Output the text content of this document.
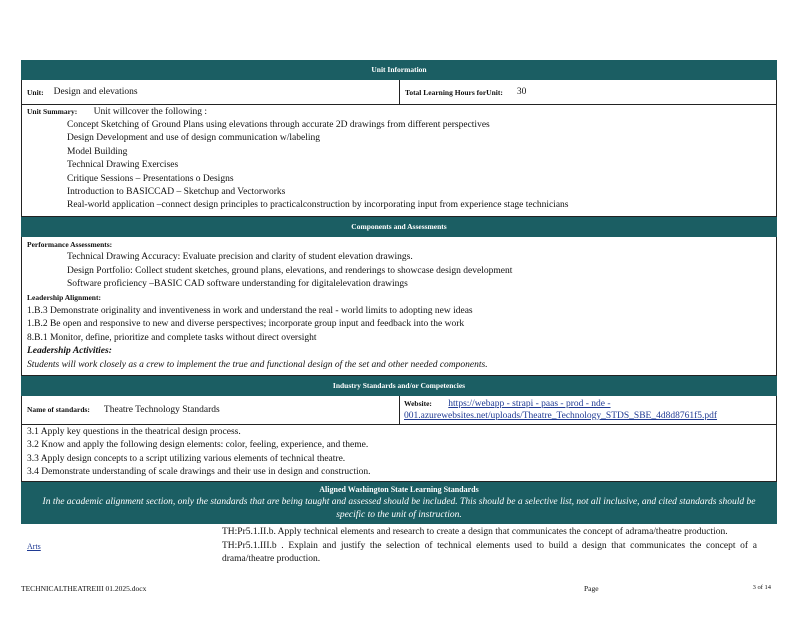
Unit Information
Unit: Design and elevations	Total Learning Hours forUnit: 30
Unit Summary: Unit willcover the following :
Concept Sketching of Ground Plans using elevations through accurate 2D drawings from different perspectives
Design Development and use of design communication w/labeling
Model Building
Technical Drawing Exercises
Critique Sessions – Presentations o Designs
Introduction to BASICCAD – Sketchup and Vectorworks
Real-world application –connect design principles to practicalconstruction by incorporating input from experience stage technicians
Components and Assessments
Performance Assessments:
Technical Drawing Accuracy: Evaluate precision and clarity of student elevation drawings.
Design Portfolio: Collect student sketches, ground plans, elevations, and renderings to showcase design development
Software proficiency –BASIC CAD software understanding for digitalelevation drawings
Leadership Alignment:
1.B.3 Demonstrate originality and inventiveness in work and understand the real - world limits to adopting new ideas
1.B.2 Be open and responsive to new and diverse perspectives; incorporate group input and feedback into the work
8.B.1 Monitor, define, prioritize and complete tasks without direct oversight
Leadership Activities:
Students will work closely as a crew to implement the true and functional design of the set and other needed components.
Industry Standards and/or Competencies
Name of standards: Theatre Technology Standards
Website: https://webapp - strapi - paas - prod - nde -
001.azurewebsites.net/uploads/Theatre_Technology_STDS_SBE_4d8d8761f5.pdf
3.1 Apply key questions in the theatrical design process.
3.2 Know and apply the following design elements: color, feeling, experience, and theme.
3.3 Apply design concepts to a script utilizing various elements of technical theatre.
3.4 Demonstrate understanding of scale drawings and their use in design and construction.
Aligned Washington State Learning Standards
In the academic alignment section, only the standards that are being taught and assessed should be included. This should be a selective list, not all inclusive, and cited standards should be specific to the unit of instruction.
Arts

TH:Pr5.1.II.b. Apply technical elements and research to create a design that communicates the concept of adrama/theatre production.

TH:Pr5.1.III.b . Explain and justify the selection of technical elements used to build a design that communicates the concept of a drama/theatre production.

TECHNICALTHEATREIII 01.2025.docx	Page	3 of 14
